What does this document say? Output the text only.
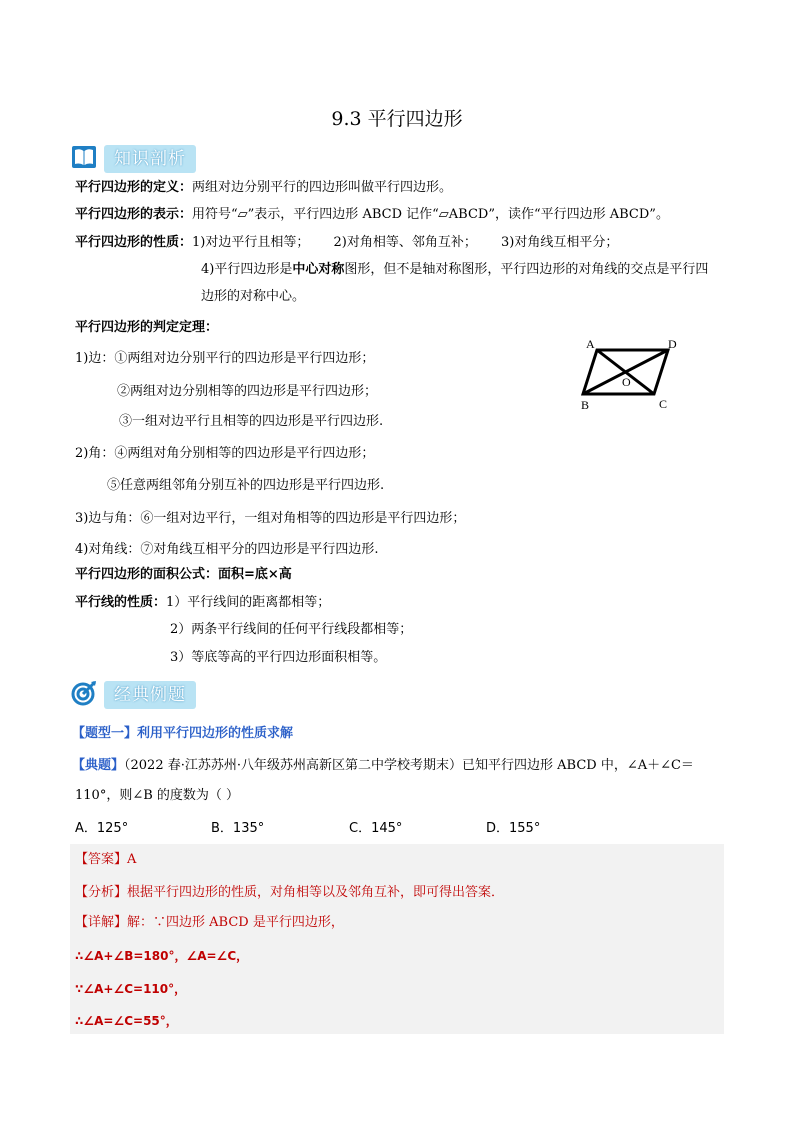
9.3 平行四边形
知识剖析
平行四边形的定义：两组对边分别平行的四边形叫做平行四边形。
平行四边形的表示：用符号“▱”表示，平行四边形 ABCD 记作“▱ABCD”，读作“平行四边形 ABCD”。
平行四边形的性质：1)对边平行且相等； 2)对角相等、邻角互补； 3)对角线互相平分；
4)平行四边形是中心对称图形，但不是轴对称图形，平行四边形的对角线的交点是平行四
边形的对称中心。
平行四边形的判定定理：
1)边：①两组对边分别平行的四边形是平行四边形；
②两组对边分别相等的四边形是平行四边形；
③一组对边平行且相等的四边形是平行四边形.
2)角：④两组对角分别相等的四边形是平行四边形；
⑤任意两组邻角分别互补的四边形是平行四边形.
3)边与角：⑥一组对边平行，一组对角相等的四边形是平行四边形；
4)对角线：⑦对角线互相平分的四边形是平行四边形.
平行四边形的面积公式：面积=底×高
平行线的性质：1）平行线间的距离都相等；
2）两条平行线间的任何平行线段都相等；
3）等底等高的平行四边形面积相等。
A	D
B	C
O
经典例题
【题型一】利用平行四边形的性质求解
【典题】（2022 春·江苏苏州·八年级苏州高新区第二中学校考期末）已知平行四边形 ABCD 中，∠A＋∠C＝
110°，则∠B 的度数为（ ）
A．125°	B．135°	C．145°	D．155°
【答案】A
【分析】根据平行四边形的性质，对角相等以及邻角互补，即可得出答案．
【详解】解：∵四边形 ABCD 是平行四边形，
∴∠A+∠B=180°，∠A=∠C，
∵∠A+∠C=110°，
∴∠A=∠C=55°，
